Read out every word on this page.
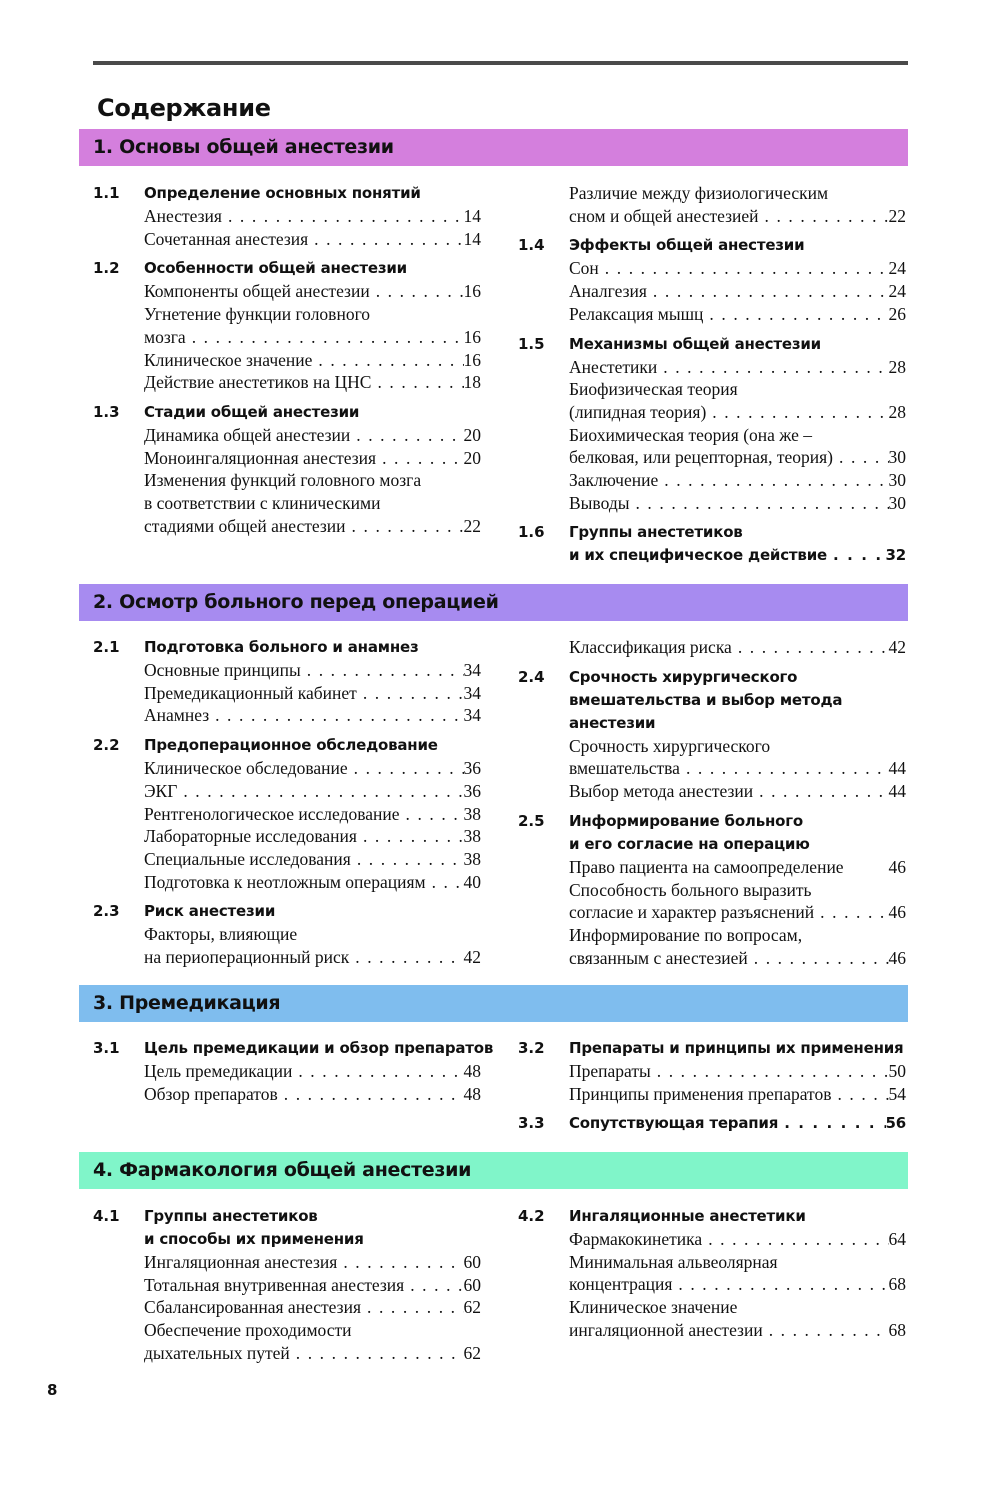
Содержание
1. Основы общей анестезии
1.1 Определение основных понятий
Анестезия . . .	14
Сочетанная анестезия . . .	14
1.2 Особенности общей анестезии
Компоненты общей анестезии . . .	16
Угнетение функции головного
мозга . . .	16
Клиническое значение . . .	16
Действие анестетиков на ЦНС . . .	18
1.3 Стадии общей анестезии
Динамика общей анестезии . . .	20
Моноингаляционная анестезия . . .	20
Изменения функций головного мозга
в соответствии с клиническими
стадиями общей анестезии . . .	22
Различие между физиологическим
сном и общей анестезией . . .	22
1.4 Эффекты общей анестезии
Сон . . .	24
Аналгезия . . .	24
Релаксация мышц . . .	26
1.5 Механизмы общей анестезии
Анестетики . . .	28
Биофизическая теория
(липидная теория) . . .	28
Биохимическая теория (она же –
белковая, или рецепторная, теория) . . .	30
Заключение . . .	30
Выводы . . .	30
1.6 Группы анестетиков
и их специфическое действие . . .	32
2. Осмотр больного перед операцией
2.1 Подготовка больного и анамнез
Основные принципы . . .	34
Премедикационный кабинет . . .	34
Анамнез . . .	34
2.2 Предоперационное обследование
Клиническое обследование . . .	36
ЭКГ . . .	36
Рентгенологическое исследование . . .	38
Лабораторные исследования . . .	38
Специальные исследования . . .	38
Подготовка к неотложным операциям . . . 40
2.3 Риск анестезии
Факторы, влияющие
на периоперационный риск . . .	42
Классификация риска . . .	42
2.4 Срочность хирургического
вмешательства и выбор метода
анестезии
Срочность хирургического
вмешательства . . .	44
Выбор метода анестезии . . .	44
2.5 Информирование больного
и его согласие на операцию
Право пациента на самоопределение	46
Способность больного выразить
согласие и характер разъяснений . . .	46
Информирование по вопросам,
связанным с анестезией . . .	46
3. Премедикация
3.1 Цель премедикации и обзор препаратов
Цель премедикации . . .	48
Обзор препаратов . . .	48
3.2 Препараты и принципы их применения
Препараты . . .	50
Принципы применения препаратов . . .	54
3.3 Сопутствующая терапия . . .	56
4. Фармакология общей анестезии
4.1 Группы анестетиков
и способы их применения
Ингаляционная анестезия . . .	60
Тотальная внутривенная анестезия . . .	60
Сбалансированная анестезия . . .	62
Обеспечение проходимости
дыхательных путей . . .	62
4.2 Ингаляционные анестетики
Фармакокинетика . . .	64
Минимальная альвеолярная
концентрация . . .	68
Клиническое значение
ингаляционной анестезии . . .	68
8
